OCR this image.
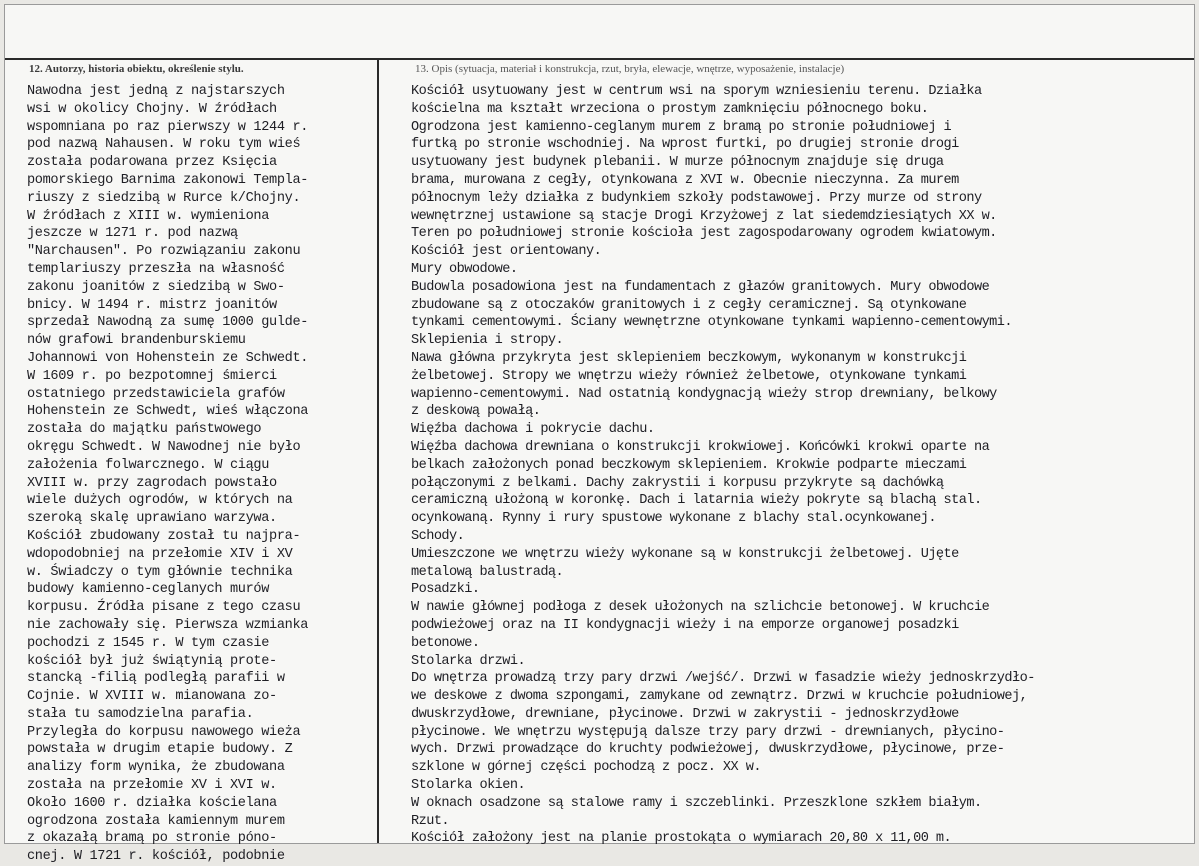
12. Autorzy, historia obiektu, określenie stylu.	13. Opis (sytuacja, materiał i konstrukcja, rzut, bryła, elewacje, wnętrze, wyposażenie, instalacje)
Nawodna jest jedną z najstarszych
wsi w okolicy Chojny. W źródłach
wspomniana po raz pierwszy w 1244 r.
pod nazwą Nahausen. W roku tym wieś
została podarowana przez Księcia
pomorskiego Barnima zakonowi Templa-
riuszy z siedzibą w Rurce k/Chojny.
W źródłach z XIII w. wymieniona
jeszcze w 1271 r. pod nazwą
"Narchausen". Po rozwiązaniu zakonu
templariuszy przeszła na własność
zakonu joanitów z siedzibą w Swo-
bnicy. W 1494 r. mistrz joanitów
sprzedał Nawodną za sumę 1000 gulde-
nów grafowi brandenburskiemu
Johannowi von Hohenstein ze Schwedt.
W 1609 r. po bezpotomnej śmierci
ostatniego przedstawiciela grafów
Hohenstein ze Schwedt, wieś włączona
została do majątku państwowego
okręgu Schwedt. W Nawodnej nie było
założenia folwarcznego. W ciągu
XVIII w. przy zagrodach powstało
wiele dużych ogrodów, w których na
szeroką skalę uprawiano warzywa.
Kościół zbudowany został tu najpra-
wdopodobniej na przełomie XIV i XV
w. Świadczy o tym głównie technika
budowy kamienno-ceglanych murów
korpusu. Źródła pisane z tego czasu
nie zachowały się. Pierwsza wzmianka
pochodzi z 1545 r. W tym czasie
kościół był już świątynią prote-
stancką -filią podległą parafii w
Cojnie. W XVIII w. mianowana zo-
stała tu samodzielna parafia.
Przyległa do korpusu nawowego wieża
powstała w drugim etapie budowy. Z
analizy form wynika, że zbudowana
została na przełomie XV i XVI w.
Około 1600 r. działka kościelana
ogrodzona została kamiennym murem
z okazałą bramą po stronie póno-
cnej. W 1721 r. kościół, podobnie
Kościół usytuowany jest w centrum wsi na sporym wzniesieniu terenu. Działka
kościelna ma kształt wrzeciona o prostym zamknięciu północnego boku.
Ogrodzona jest kamienno-ceglanym murem z bramą po stronie południowej i
furtką po stronie wschodniej. Na wprost furtki, po drugiej stronie drogi
usytuowany jest budynek plebanii. W murze północnym znajduje się druga
brama, murowana z cegły, otynkowana z XVI w. Obecnie nieczynna. Za murem
północnym leży działka z budynkiem szkoły podstawowej. Przy murze od strony
wewnętrznej ustawione są stacje Drogi Krzyżowej z lat siedemdziesiątych XX w.
Teren po południowej stronie kościoła jest zagospodarowany ogrodem kwiatowym.
Kościół jest orientowany.
Mury obwodowe.
Budowla posadowiona jest na fundamentach z głazów granitowych. Mury obwodowe
zbudowane są z otoczaków granitowych i z cegły ceramicznej. Są otynkowane
tynkami cementowymi. Ściany wewnętrzne otynkowane tynkami wapienno-cementowymi.
Sklepienia i stropy.
Nawa główna przykryta jest sklepieniem beczkowym, wykonanym w konstrukcji
żelbetowej. Stropy we wnętrzu wieży również żelbetowe, otynkowane tynkami
wapienno-cementowymi. Nad ostatnią kondygnacją wieży strop drewniany, belkowy
z deskową powałą.
Więźba dachowa i pokrycie dachu.
Więźba dachowa drewniana o konstrukcji krokwiowej. Końcówki krokwi oparte na
belkach założonych ponad beczkowym sklepieniem. Krokwie podparte mieczami
połączonymi z belkami. Dachy zakrystii i korpusu przykryte są dachówką
ceramiczną ułożoną w koronkę. Dach i latarnia wieży pokryte są blachą stal.
ocynkowaną. Rynny i rury spustowe wykonane z blachy stal.ocynkowanej.
Schody.
Umieszczone we wnętrzu wieży wykonane są w konstrukcji żelbetowej. Ujęte
metalową balustradą.
Posadzki.
W nawie głównej podłoga z desek ułożonych na szlichcie betonowej. W kruchcie
podwieżowej oraz na II kondygnacji wieży i na emporze organowej posadzki
betonowe.
Stolarka drzwi.
Do wnętrza prowadzą trzy pary drzwi /wejść/. Drzwi w fasadzie wieży jednoskrzydło-
we deskowe z dwoma szpongami, zamykane od zewnątrz. Drzwi w kruchcie południowej,
dwuskrzydłowe, drewniane, płycinowe. Drzwi w zakrystii - jednoskrzydłowe
płycinowe. We wnętrzu występują dalsze trzy pary drzwi - drewnianych, płycino-
wych. Drzwi prowadzące do kruchty podwieżowej, dwuskrzydłowe, płycinowe, prze-
szklone w górnej części pochodzą z pocz. XX w.
Stolarka okien.
W oknach osadzone są stalowe ramy i szczeblinki. Przeszklone szkłem białym.
Rzut.
Kościół założony jest na planie prostokąta o wymiarach 20,80 x 11,00 m.
